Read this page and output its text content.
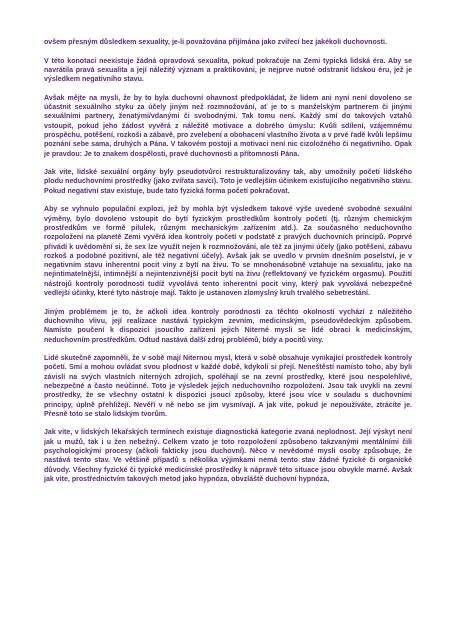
ovšem přesným důsledkem sexuality, je-li považována přijímána jako zvířecí bez jakékoli duchovnosti.

V této konotaci neexistuje žádná opravdová sexualita, pokud pokračuje na Zemi typická lidská éra. Aby se navrátila pravá sexualita a její náležitý význam a praktikování, je nejprve nutné odstranit lidskou éru, jež je výsledkem negativního stavu.

Avšak mějte na mysli, že by to byla duchovní ohavnost předpokládat, že lidem ani nyní není dovoleno se účastnit sexuálního styku za účely jiným než rozmnožování, ať je to s manželským partnerem či jinými sexuálními partnery, ženatými/vdanými či svobodnými. Tak tomu není. Každý smí do takových vztahů vstoupit, pokud jeho žádost vyvěrá z náležitě motivace a dobrého úmyslu: Kvůli sdílení, vzájemnému prospěchu, potěšení, rozkoši a zábavě, pro zvelebení a obohacení vlastního života a v prvé řadě kvůli lepšímu poznání sebe sama, druhých a Pána. V takovém postoji a motivaci není nic cizoložného či negativního. Opak je pravdou: Je to znakem dospělosti, pravé duchovnosti a přítomnosti Pána.

Jak vite, lidské sexuální orgány byly pseudotvůrci restrukturalizovány tak, aby umožnily početí lidského plodu neduchovními prostředky (jako zvířata savci). Toto je vedlejším účinkem existujícího negativního stavu. Pokud negativní stav existuje, bude tato fyzická forma početí pokračovat.

Aby se vyhnulo populační explozi, jež by mohla být výsledkem takové výše uvedené svobodné sexuální výměny, bylo dovoleno vstoupit do bytí fyzickým prostředkům kontroly početí (tj. různým chemickým prostředkům ve formě pilulek, různým mechanickým zařízením atd.). Za současného neduchovního rozpoložení na planetě Zemi vyvěrá idea kontroly početí v podstatě z pravých duchovních principů. Poprvé přivádí k uvědomění si, že sex lze využít nejen k rozmnožování, ale též za jinými účely (jako potěšení, zábavu rozkoš a podobné pozitivní, ale též negativní účely). Avšak jak se uvedlo v prvním dnešním poselství, je v negativním stavu inherentní pocit viny z bytí na živu. To se mnohonásobně vztahuje na sexualitu, jako na nejintimatelnější, intimnější a nejintenzivnější pocit bytí na živu (reflektovaný ve fyzickém orgasmu). Použití nástrojů kontroly porodnosti tudíž vyvolává tento inherentní pocit viny, který pak vyvolává nebezpečné vedlejší účinky, které tyto nástroje mají. Takto je ustanoven zlomyslný kruh trvalého sebetrestání.

Jiným problémem je to, že ačkoli idea kontroly porodnosti za těchto okolností vychází z náležitého duchovního vlivu, její realizace nastává typickým zevním, medicínským, pseudovědeckým způsobem. Namísto poučení k dispozici jsoucího zařízení jejich Niterné mysli se lidé obrací k medicínským, neduchovním prostředkům. Odtud nastává další zdroj problémů, bídy a pocitů viny.

Lidé skutečně zapomněli, že v sobě mají Niternou mysl, která v sobě obsahuje vynikající prostředek kontroly početí. Smí a mohou ovládat svou plodnost v každé době, kdykoli si přejí. Neneštěstí namísto toho, aby byli závislí na svých vlastních niterných zdrojích, spoléhají se na zevní prostředky, které jsou nespolehlivé, nebezpečné a často neúčinné. Toto je výsledek jejich neduchovního rozpoložení. Jsou tak uvykli na zevní prostředky, že se všechny ostatní k dispozici jsoucí způsoby, které jsou více v souladu s duchovními principy, úplně přehlížejí. Nevěří v ně nebo se jim vysmívají. A jak vite, pokud je nepoužíváte, ztrácíte je. Přesně toto se stalo lidským tvorům.

Jak vite, v lidských lékařských termínech existuje diagnostická kategorie zvaná neplodnost. Její výskyt není jak u mužů, tak i u žen nebežný. Celkem vzato je toto rozpoložení způsobeno takzvanými mentálními čili psychologickými procesy (ačkoli fakticky jsou duchovní). Něco v nevědomé mysli osoby způsobuje, že nastává tento stav. Ve většině případů s několika výjimkami nemá tento stav žádné fyzické či organické důvody. Všechny fyzické či typické medicínské prostředky k nápravě této situace jsou obvykle marné. Avšak jak vite, prostřednictvím takových metod jako hypnóza, obvzláště duchovní hypnóza,
